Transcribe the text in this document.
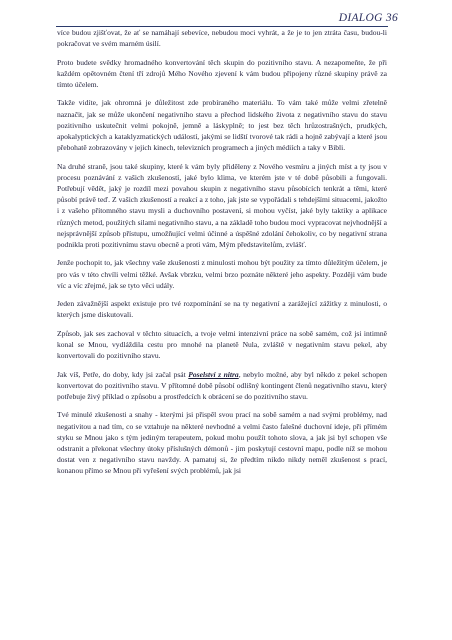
DIALOG 36

více budou zjišťovat, že ať se namáhají sebevíce, nebudou moci vyhrát, a že je to jen ztráta času, budou-li pokračovat ve svém marném úsilí.

Proto budete svědky hromadného konvertování těch skupin do pozitivního stavu. A nezapomeňte, že při každém opětovném čtení tří zdrojů Mého Nového zjevení k vám budou připojeny různé skupiny právě za tímto účelem.

Takže vidíte, jak ohromná je důležitost zde probíraného materiálu. To vám také může velmi zřetelně naznačit, jak se může ukončení negativního stavu a přechod lidského života z negativního stavu do stavu pozitivního uskutečnit velmi pokojně, jemně a láskyplně; to jest bez těch hrůzostrašných, prudkých, apokalyptických a kataklyzmatických událostí, jakými se lidští tvorové tak rádi a hojně zabývají a které jsou přebohatě zobrazovány v jejich kinech, televizních programech a jiných médiích a taky v Bibli.

Na druhé straně, jsou také skupiny, které k vám byly přiděleny z Nového vesmíru a jiných míst a ty jsou v procesu poznávání z vašich zkušeností, jaké bylo klima, ve kterém jste v té době působili a fungovali. Potřebují vědět, jaký je rozdíl mezi povahou skupin z negativního stavu působících tenkrát a těmi, které působí právě teď. Z vašich zkušeností a reakcí a z toho, jak jste se vypořádali s tehdejšími situacemi, jakožto i z vašeho přítomného stavu mysli a duchovního postavení, si mohou vyčíst, jaké byly taktiky a aplikace různých metod, použitých silami negativního stavu, a na základě toho budou moci vypracovat nejvhodnější a nejsprávnější způsob přístupu, umožňující velmi účinné a úspěšné zdolání čehokoliv, co by negativní strana podnikla proti pozitivnímu stavu obecně a proti vám, Mým představitelům, zvlášť.

Jenže pochopit to, jak všechny vaše zkušenosti z minulosti mohou být použity za tímto důležitým účelem, je pro vás v této chvíli velmi těžké. Avšak vbrzku, velmi brzo poznáte některé jeho aspekty. Později vám bude víc a víc zřejmé, jak se tyto věci udály.

Jeden závažnější aspekt existuje pro tvé rozpomínání se na ty negativní a zarážející zážitky z minulosti, o kterých jsme diskutovali.

Způsob, jak ses zachoval v těchto situacích, a tvoje velmi intenzivní práce na sobě samém, což jsi intimně konal se Mnou, vydláždila cestu pro mnohé na planetě Nula, zvláště v negativním stavu pekel, aby konvertovali do pozitivního stavu.

Jak víš, Petře, do doby, kdy jsi začal psát Poselství z nitra, nebylo možné, aby byl někdo z pekel schopen konvertovat do pozitivního stavu. V přítomné době působí odlišný kontingent členů negativního stavu, který potřebuje živý příklad o způsobu a prostředcích k obrácení se do pozitivního stavu.

Tvé minulé zkušenosti a snahy - kterými jsi přispěl svou prací na sobě samém a nad svými problémy, nad negativitou a nad tím, co se vztahuje na některé nevhodné a velmi často falešné duchovní ideje, při přímém styku se Mnou jako s tým jediným terapeutem, pokud mohu použít tohoto slova, a jak jsi byl schopen vše odstranit a překonat všechny útoky příslušných démonů - jim poskytují cestovní mapu, podle níž se mohou dostat ven z negativního stavu navždy. A pamatuj si, že předtím nikdo nikdy neměl zkušenost s prací, konanou přímo se Mnou při vyřešení svých problémů, jak jsi
